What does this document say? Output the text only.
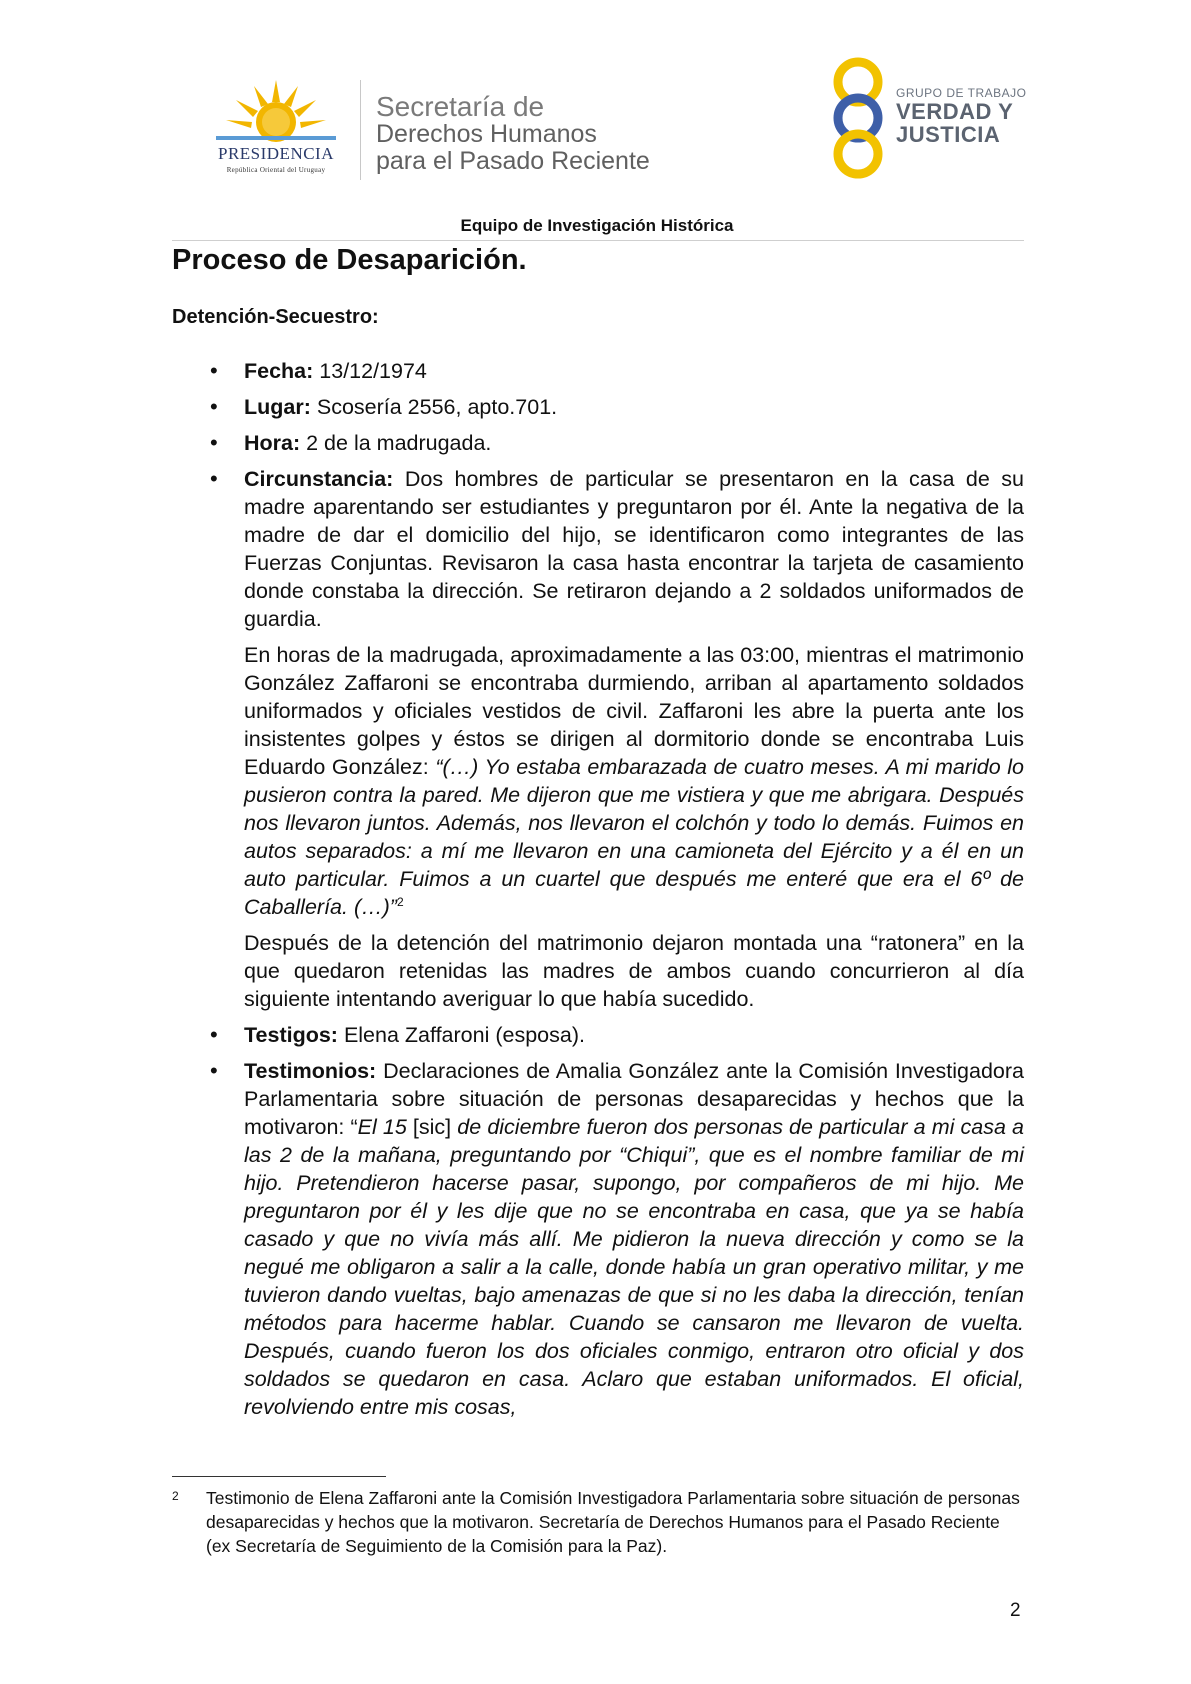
PRESIDENCIA
República Oriental del Uruguay
Secretaría de
Derechos Humanos
para el Pasado Reciente
GRUPO DE TRABAJO
VERDAD Y
JUSTICIA
Equipo de Investigación Histórica
Proceso de Desaparición.
Detención-Secuestro:
• Fecha: 13/12/1974
• Lugar: Scosería 2556, apto.701.
• Hora: 2 de la madrugada.
• Circunstancia: Dos hombres de particular se presentaron en la casa de su madre aparentando ser estudiantes y preguntaron por él. Ante la negativa de la madre de dar el domicilio del hijo, se identificaron como integrantes de las Fuerzas Conjuntas. Revisaron la casa hasta encontrar la tarjeta de casamiento donde constaba la dirección. Se retiraron dejando a 2 soldados uniformados de guardia.
En horas de la madrugada, aproximadamente a las 03:00, mientras el matrimonio González Zaffaroni se encontraba durmiendo, arriban al apartamento soldados uniformados y oficiales vestidos de civil. Zaffaroni les abre la puerta ante los insistentes golpes y éstos se dirigen al dormitorio donde se encontraba Luis Eduardo González: “(…) Yo estaba embarazada de cuatro meses. A mi marido lo pusieron contra la pared. Me dijeron que me vistiera y que me abrigara. Después nos llevaron juntos. Además, nos llevaron el colchón y todo lo demás. Fuimos en autos separados: a mí me llevaron en una camioneta del Ejército y a él en un auto particular. Fuimos a un cuartel que después me enteré que era el 6º de Caballería. (…)”$^2$
Después de la detención del matrimonio dejaron montada una “ratonera” en la que quedaron retenidas las madres de ambos cuando concurrieron al día siguiente intentando averiguar lo que había sucedido.
• Testigos: Elena Zaffaroni (esposa).
• Testimonios: Declaraciones de Amalia González ante la Comisión Investigadora Parlamentaria sobre situación de personas desaparecidas y hechos que la motivaron: “El 15 [sic] de diciembre fueron dos personas de particular a mi casa a las 2 de la mañana, preguntando por “Chiqui”, que es el nombre familiar de mi hijo. Pretendieron hacerse pasar, supongo, por compañeros de mi hijo. Me preguntaron por él y les dije que no se encontraba en casa, que ya se había casado y que no vivía más allí. Me pidieron la nueva dirección y como se la negué me obligaron a salir a la calle, donde había un gran operativo militar, y me tuvieron dando vueltas, bajo amenazas de que si no les daba la dirección, tenían métodos para hacerme hablar. Cuando se cansaron me llevaron de vuelta. Después, cuando fueron los dos oficiales conmigo, entraron otro oficial y dos soldados se quedaron en casa. Aclaro que estaban uniformados. El oficial, revolviendo entre mis cosas,
2	Testimonio de Elena Zaffaroni ante la Comisión Investigadora Parlamentaria sobre situación de personas desaparecidas y hechos que la motivaron. Secretaría de Derechos Humanos para el Pasado Reciente (ex Secretaría de Seguimiento de la Comisión para la Paz).
2
